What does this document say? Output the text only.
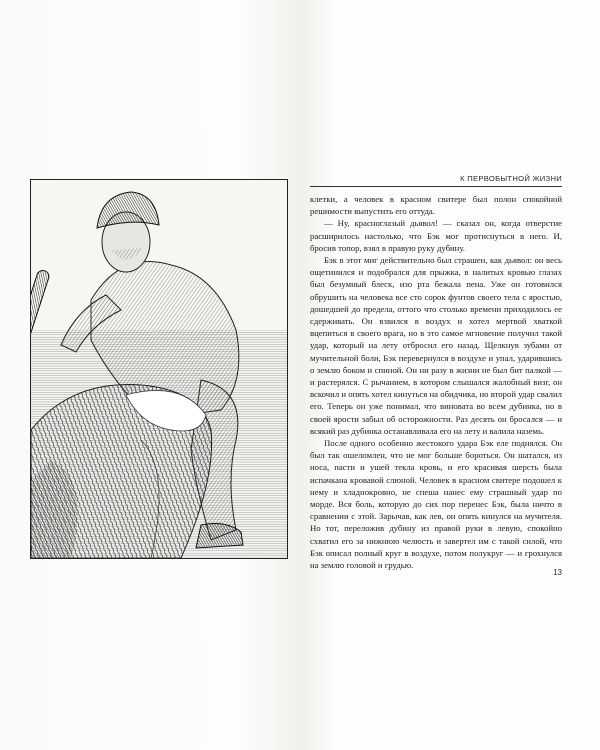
К ПЕРВОБЫТНОЙ ЖИЗНИ

клетки, а человек в красном свитере был полон спокойной решимости выпустить его оттуда.

— Ну, красноглазый дьявол! — сказал он, когда отверстие расширилось настолько, что Бэк мог протиснуться в него. И, бросив топор, взял в правую руку дубину.

Бэк в этот миг действительно был страшен, как дьявол: он весь ощетинился и подобрался для прыжка, в налитых кровью глазах был безумный блеск, изо рта бежала пена. Уже он готовился обрушить на человека все сто сорок фунтов своего тела с яростью, дошедшей до предела, оттого что столько времени приходилось ее сдерживать. Он взвился в воздух и хотел мертвой хваткой вцепиться в своего врага, но в это самое мгновение получил такой удар, который на лету отбросил его назад. Щелкнув зубами от мучительной боли, Бэк перевернулся в воздухе и упал, ударившись о землю боком и спиной. Он ни разу в жизни не был бит палкой — и растерялся. С рычанием, в котором слышался жалобный визг, он вскочил и опять хотел кинуться на обидчика, но второй удар свалил его. Теперь он уже понимал, что виновата во всем дубинка, но в своей ярости забыл об осторожности. Раз десять он бросался — и всякий раз дубинка останавливала его на лету и валила наземь.

После одного особенно жестокого удара Бэк еле поднялся. Он был так ошеломлен, что не мог больше бороться. Он шатался, из носа, пасти и ушей текла кровь, и его красивая шерсть была испачкана кровавой слюной. Человек в красном свитере подошел к нему и хладнокровно, не спеша нанес ему страшный удар по морде. Вся боль, которую до сих пор перенес Бэк, была ничто в сравнении с этой. Зарычав, как лев, он опять кинулся на мучителя. Но тот, переложив дубину из правой руки в левую, спокойно схватил его за нижнюю челюсть и завертел им с такой силой, что Бэк описал полный круг в воздухе, потом полукруг — и грохнулся на землю головой и грудью.

13
